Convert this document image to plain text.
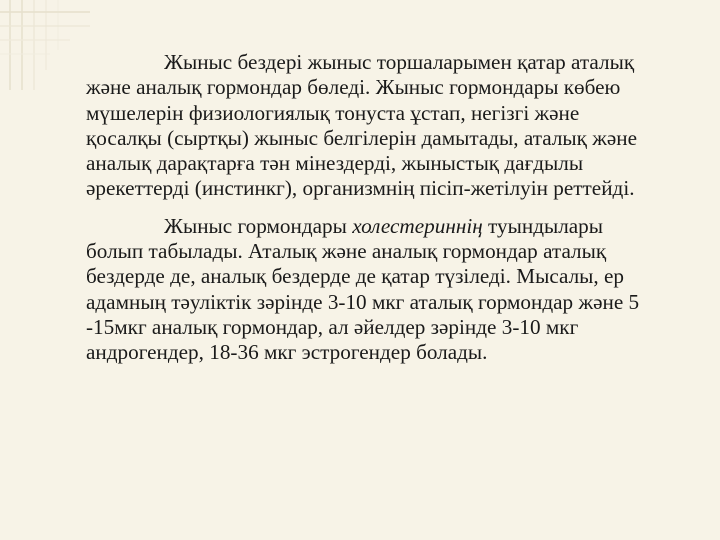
Жыныс бездері жыныс торшаларымен қатар аталық және аналық гормондар бөледі. Жыныс гормондары көбею мүшелерін физиологиялық тонуста ұстап, негізгі және қосалқы (сыртқы) жыныс белгілерін дамытады, аталық және аналық дарақтарға тән мінездерді, жыныстық дағдылы әрекеттерді (инстинкг), организмнің пісіп-жетілуін реттейді.

Жыныс гормондары холестериннің туындылары болып табылады. Аталық және аналық гормондар аталық бездерде де, аналық бездерде де қатар түзіледі. Мысалы, ер адамның тәуліктік зәрінде 3-10 мкг аталық гормондар және 5 -15мкг аналық гормондар, ал әйелдер зәрінде 3-10 мкг андрогендер, 18-36 мкг эстрогендер болады.
